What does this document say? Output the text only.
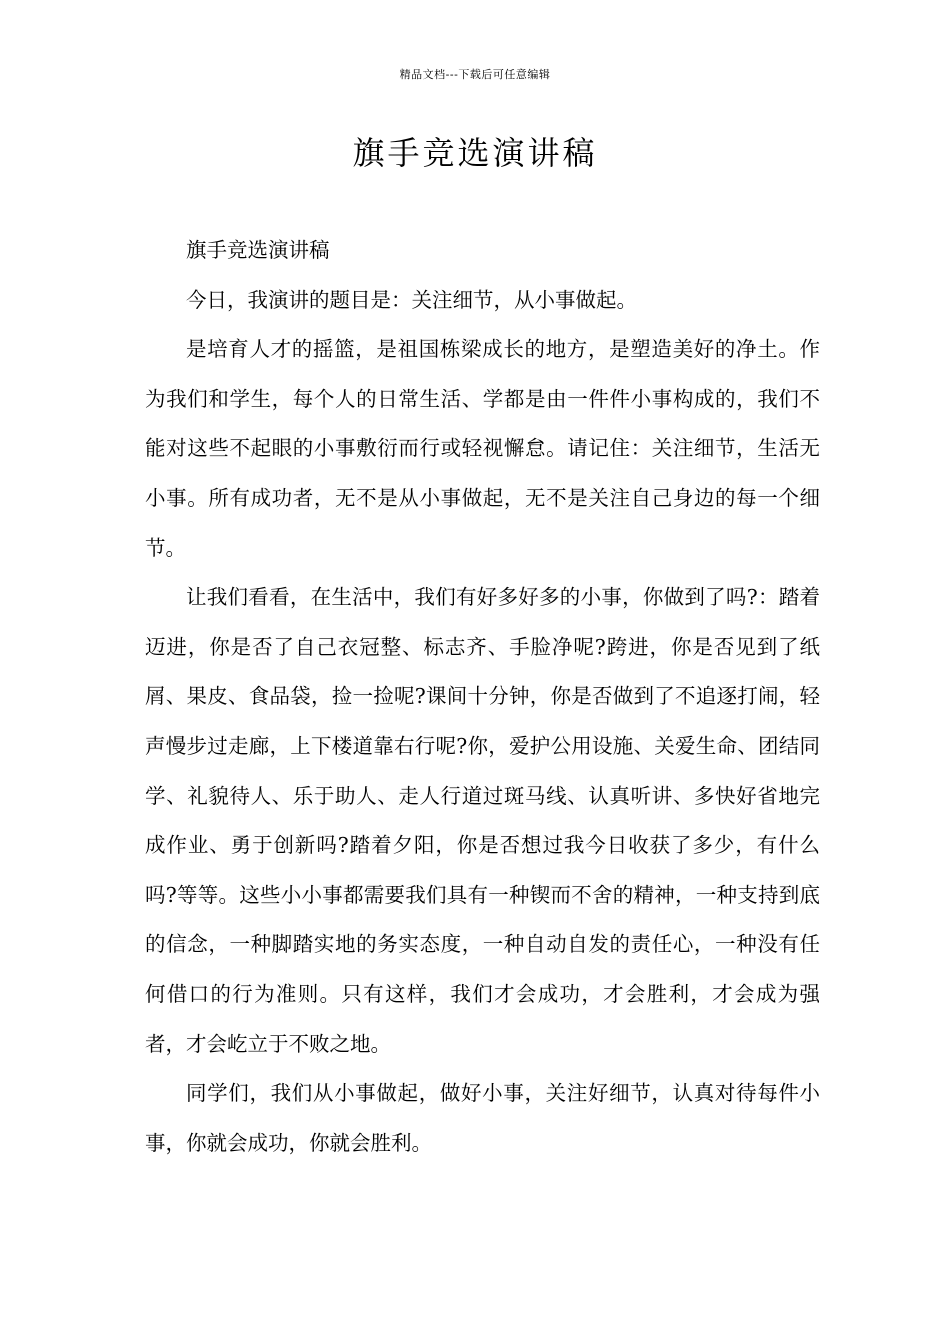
精品文档---下载后可任意编辑
旗手竞选演讲稿

旗手竞选演讲稿

今日，我演讲的题目是：关注细节，从小事做起。

是培育人才的摇篮，是祖国栋梁成长的地方，是塑造美好的净土。作为我们和学生，每个人的日常生活、学都是由一件件小事构成的，我们不能对这些不起眼的小事敷衍而行或轻视懈怠。请记住：关注细节，生活无小事。所有成功者，无不是从小事做起，无不是关注自己身边的每一个细节。

让我们看看，在生活中，我们有好多好多的小事，你做到了吗?：踏着迈进，你是否了自己衣冠整、标志齐、手脸净呢?跨进，你是否见到了纸屑、果皮、食品袋，捡一捡呢?课间十分钟，你是否做到了不追逐打闹，轻声慢步过走廊，上下楼道靠右行呢?你，爱护公用设施、关爱生命、团结同学、礼貌待人、乐于助人、走人行道过斑马线、认真听讲、多快好省地完成作业、勇于创新吗?踏着夕阳，你是否想过我今日收获了多少，有什么吗?等等。这些小小事都需要我们具有一种锲而不舍的精神，一种支持到底的信念，一种脚踏实地的务实态度，一种自动自发的责任心，一种没有任何借口的行为准则。只有这样，我们才会成功，才会胜利，才会成为强者，才会屹立于不败之地。

同学们，我们从小事做起，做好小事，关注好细节，认真对待每件小事，你就会成功，你就会胜利。
